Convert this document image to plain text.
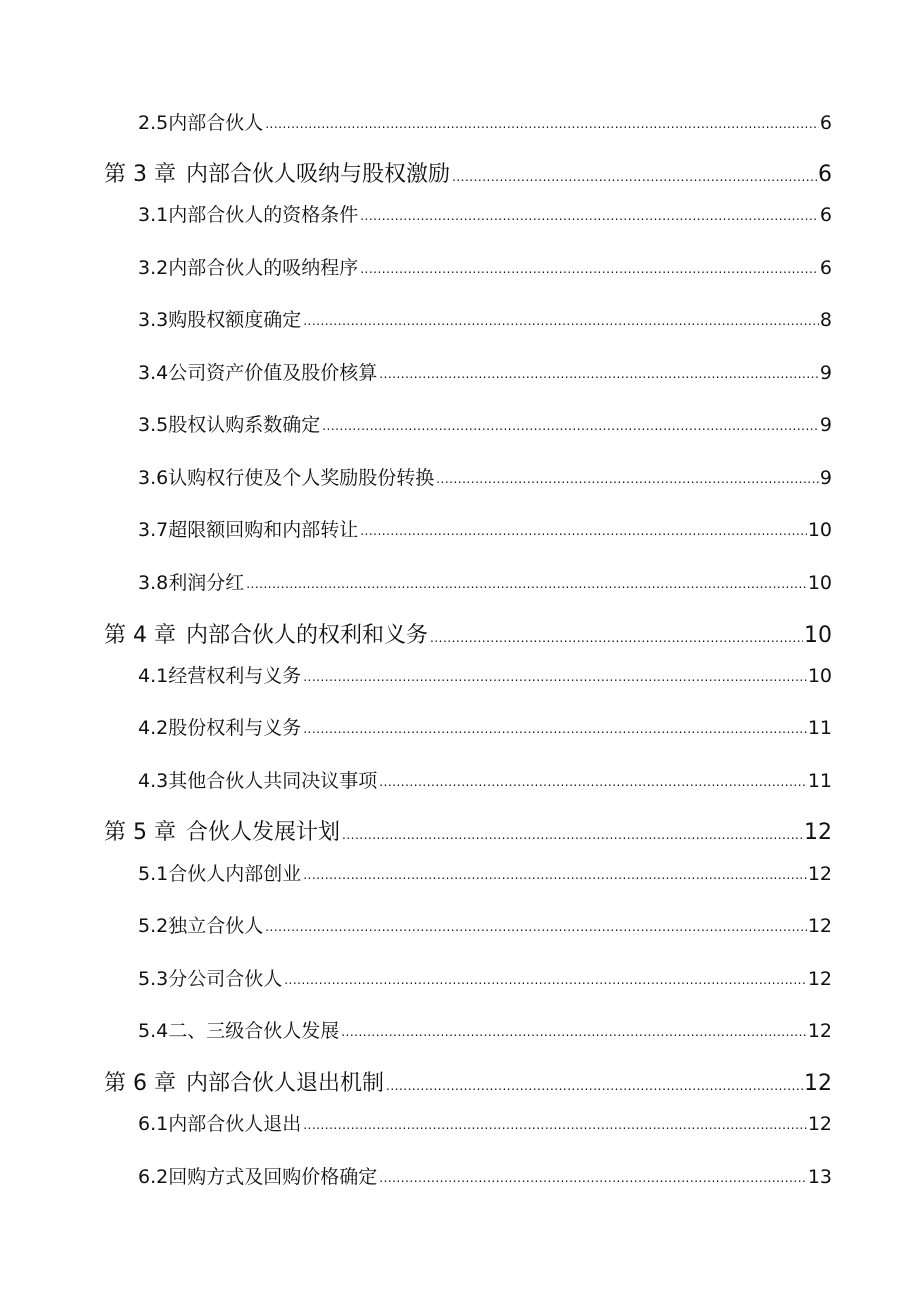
2.5 内部合伙人 .....	6
第 3 章 内部合伙人吸纳与股权激励 .....	6
3.1 内部合伙人的资格条件 .....	6
3.2 内部合伙人的吸纳程序 .....	6
3.3 购股权额度确定 .....	8
3.4 公司资产价值及股价核算 .....	9
3.5 股权认购系数确定 .....	9
3.6 认购权行使及个人奖励股份转换 .....	9
3.7 超限额回购和内部转让 .....	10
3.8 利润分红 .....	10
第 4 章 内部合伙人的权利和义务 .....	10
4.1 经营权利与义务 .....	10
4.2 股份权利与义务 .....	11
4.3 其他合伙人共同决议事项 .....	11
第 5 章 合伙人发展计划 .....	12
5.1 合伙人内部创业 .....	12
5.2 独立合伙人 .....	12
5.3 分公司合伙人 .....	12
5.4 二、三级合伙人发展 .....	12
第 6 章 内部合伙人退出机制 .....	12
6.1 内部合伙人退出 .....	12
6.2 回购方式及回购价格确定 .....	13
